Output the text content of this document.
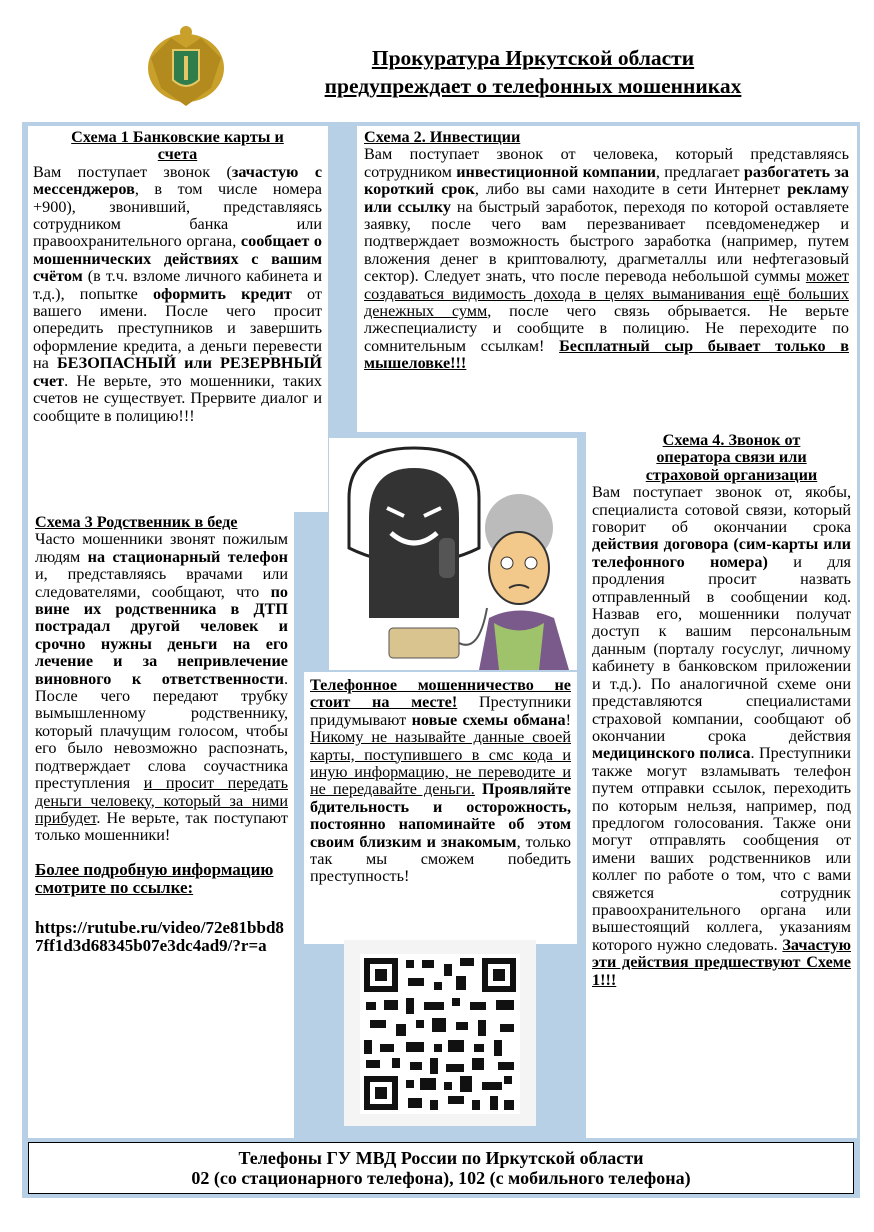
Прокуратура Иркутской области
предупреждает о телефонных мошенниках
Схема 1 Банковские карты и счета

Вам поступает звонок (зачастую с мессенджеров, в том числе номера +900), звонивший, представляясь сотрудником банка или правоохранительного органа, сообщает о мошеннических действиях с вашим счётом (в т.ч. взломе личного кабинета и т.д.), попытке оформить кредит от вашего имени. После чего просит опередить преступников и завершить оформление кредита, а деньги перевести на БЕЗОПАСНЫЙ или РЕЗЕРВНЫЙ счет. Не верьте, это мошенники, таких счетов не существует. Прервите диалог и сообщите в полицию!!!

Схема 2. Инвестиции

Вам поступает звонок от человека, который представляясь сотрудником инвестиционной компании, предлагает разбогатеть за короткий срок, либо вы сами находите в сети Интернет рекламу или ссылку на быстрый заработок, переходя по которой оставляете заявку, после чего вам перезванивает псевдоменеджер и подтверждает возможность быстрого заработка (например, путем вложения денег в криптовалюту, драгметаллы или нефтегазовый сектор). Следует знать, что после перевода небольшой суммы может создаваться видимость дохода в целях выманивания ещё больших денежных сумм, после чего связь обрывается. Не верьте лжеспециалисту и сообщите в полицию. Не переходите по сомнительным ссылкам! Бесплатный сыр бывает только в мышеловке!!!

Схема 3 Родственник в беде

Часто мошенники звонят пожилым людям на стационарный телефон и, представляясь врачами или следователями, сообщают, что по вине их родственника в ДТП пострадал другой человек и срочно нужны деньги на его лечение и за непривлечение виновного к ответственности. После чего передают трубку вымышленному родственнику, который плачущим голосом, чтобы его было невозможно распознать, подтверждает слова соучастника преступления и просит передать деньги человеку, который за ними прибудет. Не верьте, так поступают только мошенники!

Более подробную информацию смотрите по ссылке:

https://rutube.ru/video/72e81bbd87ff1d3d68345b07e3dc4ad9/?r=a

Телефонное мошенничество не стоит на месте! Преступники придумывают новые схемы обмана! Никому не называйте данные своей карты, поступившего в смс кода и иную информацию, не переводите и не передавайте деньги. Проявляйте бдительность и осторожность, постоянно напоминайте об этом своим близким и знакомым, только так мы сможем победить преступность!

Схема 4. Звонок от оператора связи или страховой организации

Вам поступает звонок от, якобы, специалиста сотовой связи, который говорит об окончании срока действия договора (сим-карты или телефонного номера) и для продления просит назвать отправленный в сообщении код. Назвав его, мошенники получат доступ к вашим персональным данным (порталу госуслуг, личному кабинету в банковском приложении и т.д.). По аналогичной схеме они представляются специалистами страховой компании, сообщают об окончании срока действия медицинского полиса. Преступники также могут взламывать телефон путем отправки ссылок, переходить по которым нельзя, например, под предлогом голосования. Также они могут отправлять сообщения от имени ваших родственников или коллег по работе о том, что с вами свяжется сотрудник правоохранительного органа или вышестоящий коллега, указаниям которого нужно следовать. Зачастую эти действия предшествуют Схеме 1!!!

Телефоны ГУ МВД России по Иркутской области
02 (со стационарного телефона), 102 (с мобильного телефона)
